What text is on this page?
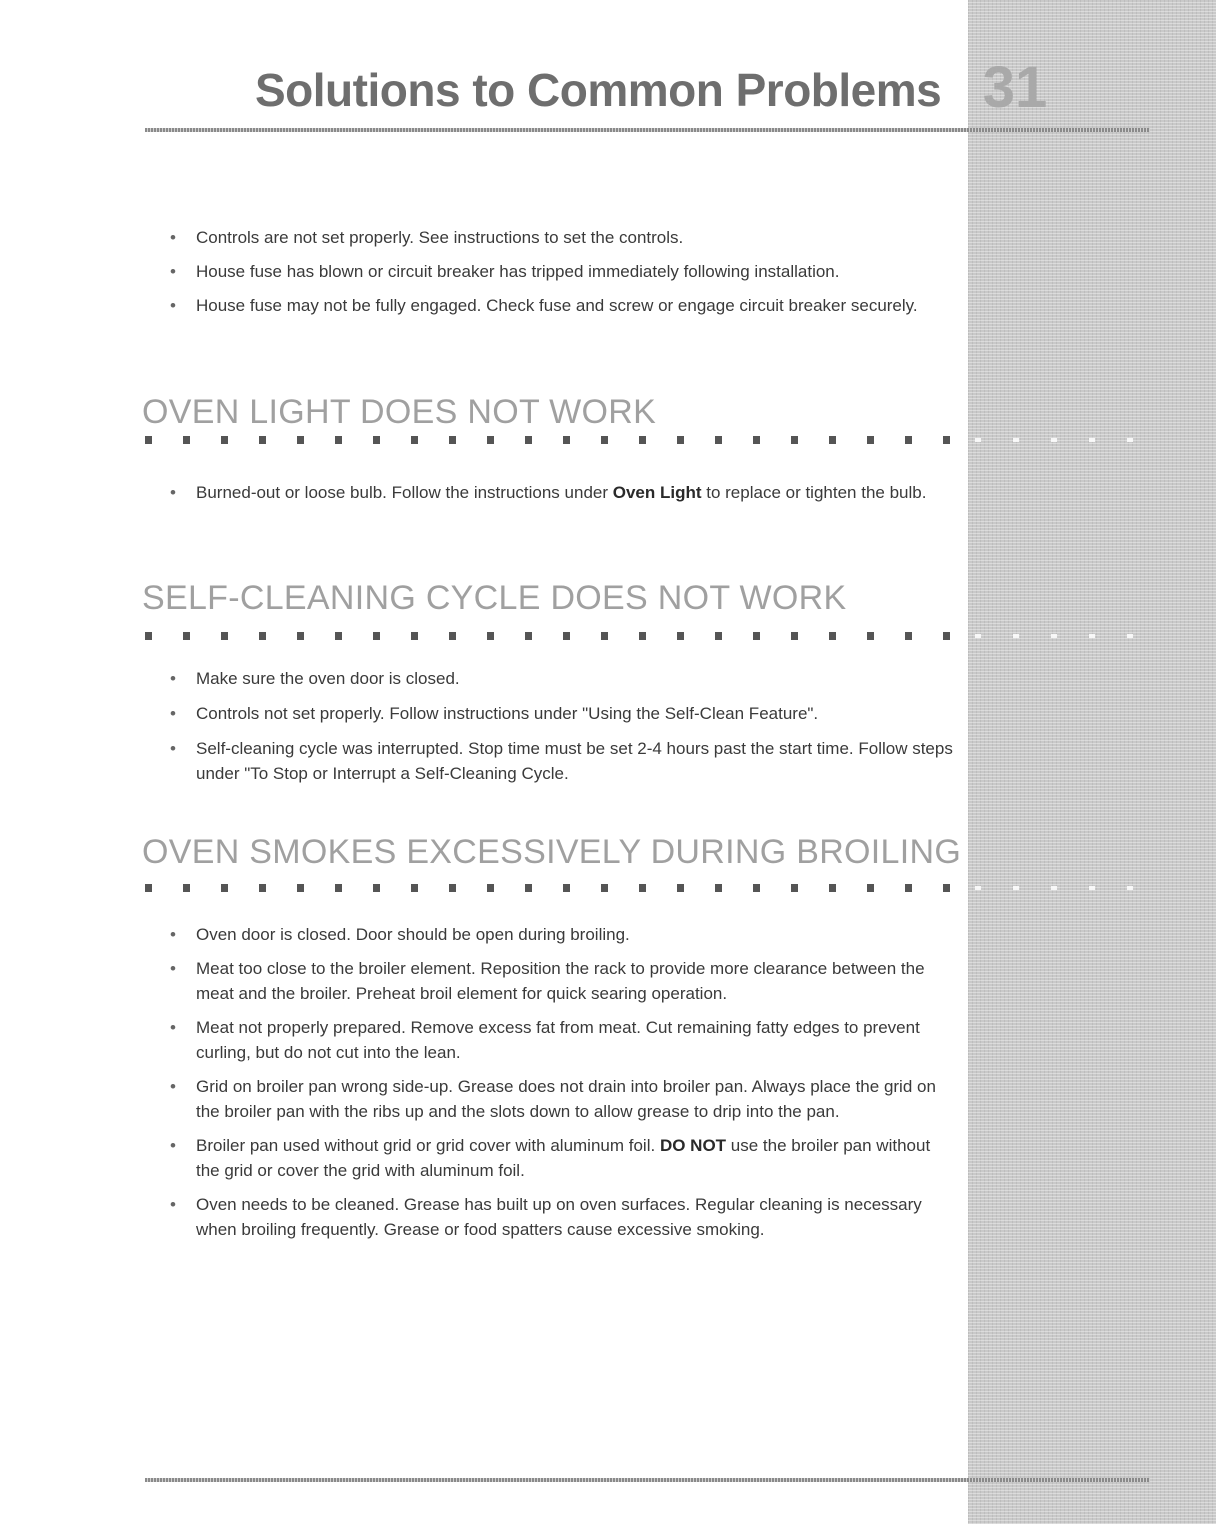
31
Solutions to Common Problems
• Controls are not set properly. See instructions to set the controls.
• House fuse has blown or circuit breaker has tripped immediately following installation.
• House fuse may not be fully engaged. Check fuse and screw or engage circuit breaker securely.
OVEN LIGHT DOES NOT WORK
• Burned-out or loose bulb. Follow the instructions under Oven Light to replace or tighten the bulb.
SELF-CLEANING CYCLE DOES NOT WORK
• Make sure the oven door is closed.
• Controls not set properly. Follow instructions under "Using the Self-Clean Feature".
• Self-cleaning cycle was interrupted. Stop time must be set 2-4 hours past the start time. Follow steps under "To Stop or Interrupt a Self-Cleaning Cycle.
OVEN SMOKES EXCESSIVELY DURING BROILING
• Oven door is closed. Door should be open during broiling.
• Meat too close to the broiler element. Reposition the rack to provide more clearance between the meat and the broiler. Preheat broil element for quick searing operation.
• Meat not properly prepared. Remove excess fat from meat. Cut remaining fatty edges to prevent curling, but do not cut into the lean.
• Grid on broiler pan wrong side-up. Grease does not drain into broiler pan. Always place the grid on the broiler pan with the ribs up and the slots down to allow grease to drip into the pan.
• Broiler pan used without grid or grid cover with aluminum foil. DO NOT use the broiler pan without the grid or cover the grid with aluminum foil.
• Oven needs to be cleaned. Grease has built up on oven surfaces. Regular cleaning is necessary when broiling frequently. Grease or food spatters cause excessive smoking.
